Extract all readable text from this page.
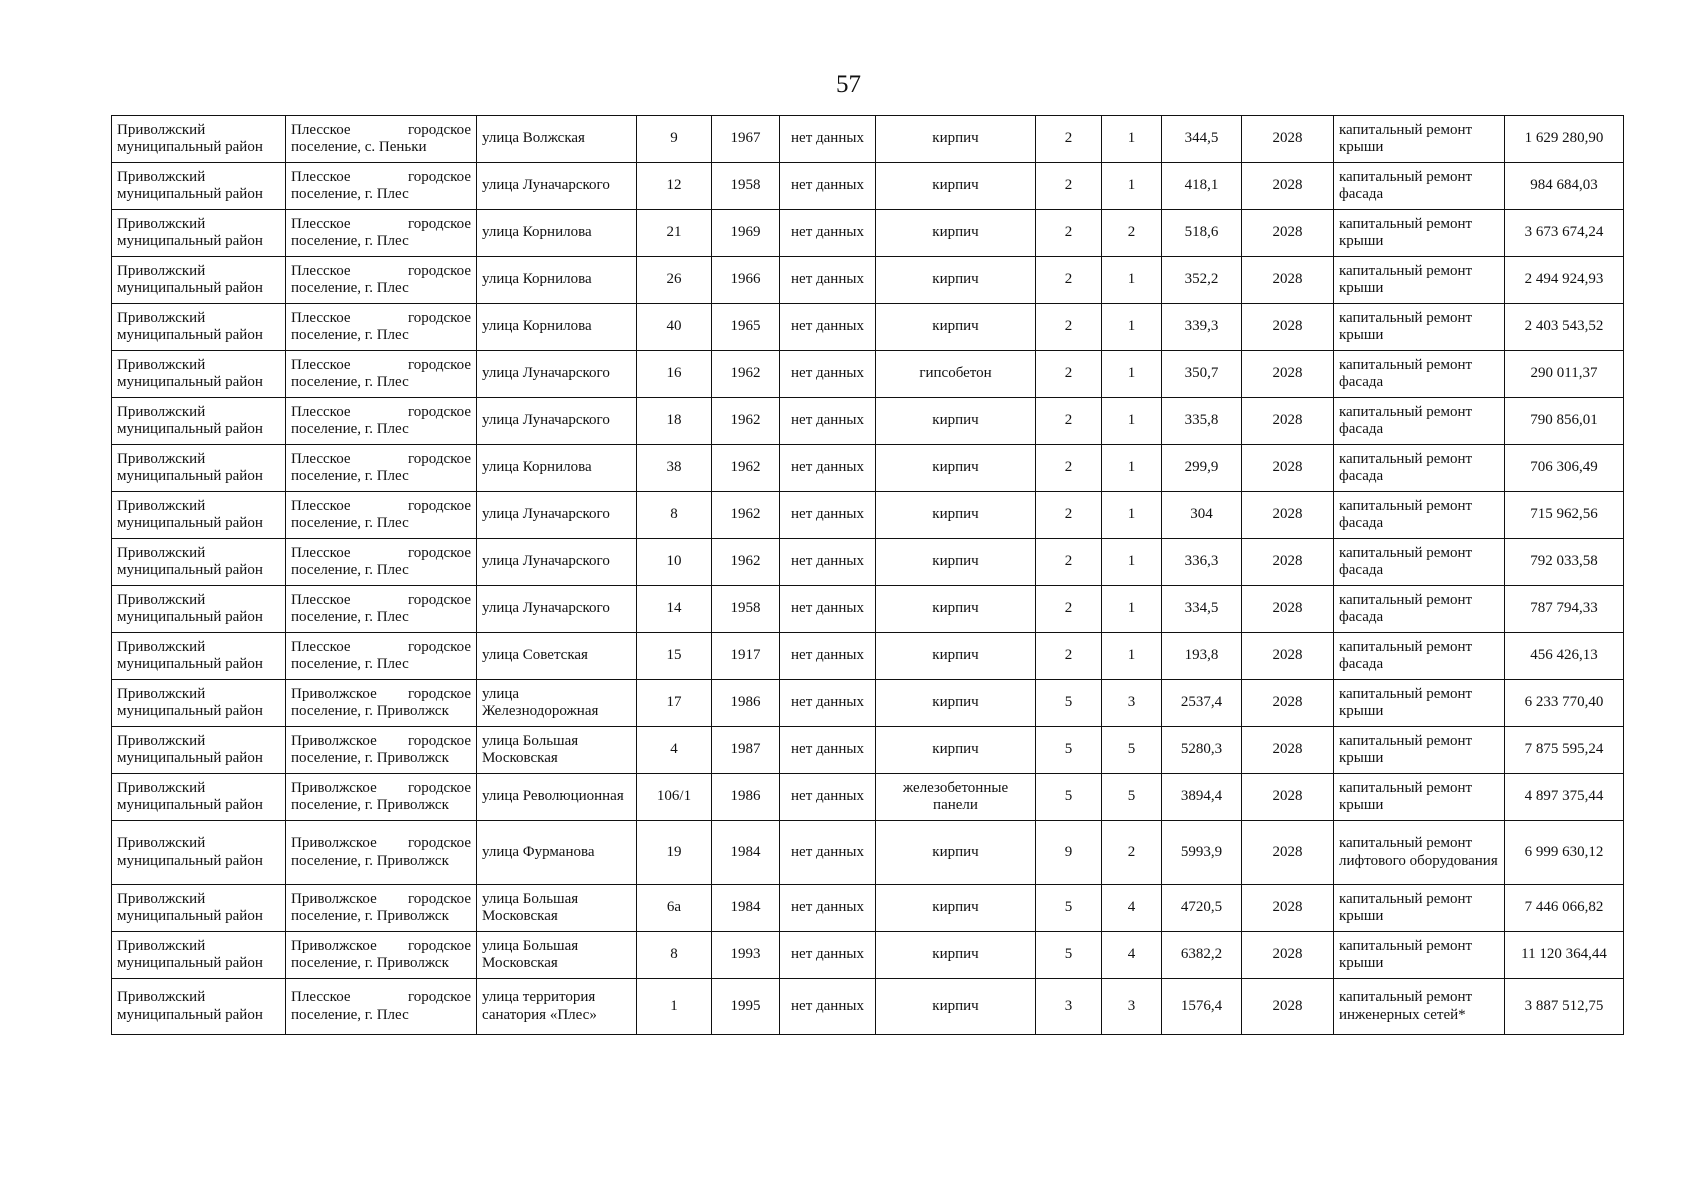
57
Приволжский муниципальный район	Плесское городское поселение, с. Пеньки	улица Волжская	9	1967	нет данных	кирпич	2	1	344,5	2028	капитальный ремонт крыши	1 629 280,90
Приволжский муниципальный район	Плесское городское поселение, г. Плес	улица Луначарского	12	1958	нет данных	кирпич	2	1	418,1	2028	капитальный ремонт фасада	984 684,03
Приволжский муниципальный район	Плесское городское поселение, г. Плес	улица Корнилова	21	1969	нет данных	кирпич	2	2	518,6	2028	капитальный ремонт крыши	3 673 674,24
Приволжский муниципальный район	Плесское городское поселение, г. Плес	улица Корнилова	26	1966	нет данных	кирпич	2	1	352,2	2028	капитальный ремонт крыши	2 494 924,93
Приволжский муниципальный район	Плесское городское поселение, г. Плес	улица Корнилова	40	1965	нет данных	кирпич	2	1	339,3	2028	капитальный ремонт крыши	2 403 543,52
Приволжский муниципальный район	Плесское городское поселение, г. Плес	улица Луначарского	16	1962	нет данных	гипсобетон	2	1	350,7	2028	капитальный ремонт фасада	290 011,37
Приволжский муниципальный район	Плесское городское поселение, г. Плес	улица Луначарского	18	1962	нет данных	кирпич	2	1	335,8	2028	капитальный ремонт фасада	790 856,01
Приволжский муниципальный район	Плесское городское поселение, г. Плес	улица Корнилова	38	1962	нет данных	кирпич	2	1	299,9	2028	капитальный ремонт фасада	706 306,49
Приволжский муниципальный район	Плесское городское поселение, г. Плес	улица Луначарского	8	1962	нет данных	кирпич	2	1	304	2028	капитальный ремонт фасада	715 962,56
Приволжский муниципальный район	Плесское городское поселение, г. Плес	улица Луначарского	10	1962	нет данных	кирпич	2	1	336,3	2028	капитальный ремонт фасада	792 033,58
Приволжский муниципальный район	Плесское городское поселение, г. Плес	улица Луначарского	14	1958	нет данных	кирпич	2	1	334,5	2028	капитальный ремонт фасада	787 794,33
Приволжский муниципальный район	Плесское городское поселение, г. Плес	улица Советская	15	1917	нет данных	кирпич	2	1	193,8	2028	капитальный ремонт фасада	456 426,13
Приволжский муниципальный район	Приволжское городское поселение, г. Приволжск	улица Железнодорожная	17	1986	нет данных	кирпич	5	3	2537,4	2028	капитальный ремонт крыши	6 233 770,40
Приволжский муниципальный район	Приволжское городское поселение, г. Приволжск	улица Большая Московская	4	1987	нет данных	кирпич	5	5	5280,3	2028	капитальный ремонт крыши	7 875 595,24
Приволжский муниципальный район	Приволжское городское поселение, г. Приволжск	улица Революционная	106/1	1986	нет данных	железобетонные панели	5	5	3894,4	2028	капитальный ремонт крыши	4 897 375,44
Приволжский муниципальный район	Приволжское городское поселение, г. Приволжск	улица Фурманова	19	1984	нет данных	кирпич	9	2	5993,9	2028	капитальный ремонт лифтового оборудования	6 999 630,12
Приволжский муниципальный район	Приволжское городское поселение, г. Приволжск	улица Большая Московская	6а	1984	нет данных	кирпич	5	4	4720,5	2028	капитальный ремонт крыши	7 446 066,82
Приволжский муниципальный район	Приволжское городское поселение, г. Приволжск	улица Большая Московская	8	1993	нет данных	кирпич	5	4	6382,2	2028	капитальный ремонт крыши	11 120 364,44
Приволжский муниципальный район	Плесское городское поселение, г. Плес	улица территория санатория «Плес»	1	1995	нет данных	кирпич	3	3	1576,4	2028	капитальный ремонт инженерных сетей*	3 887 512,75
